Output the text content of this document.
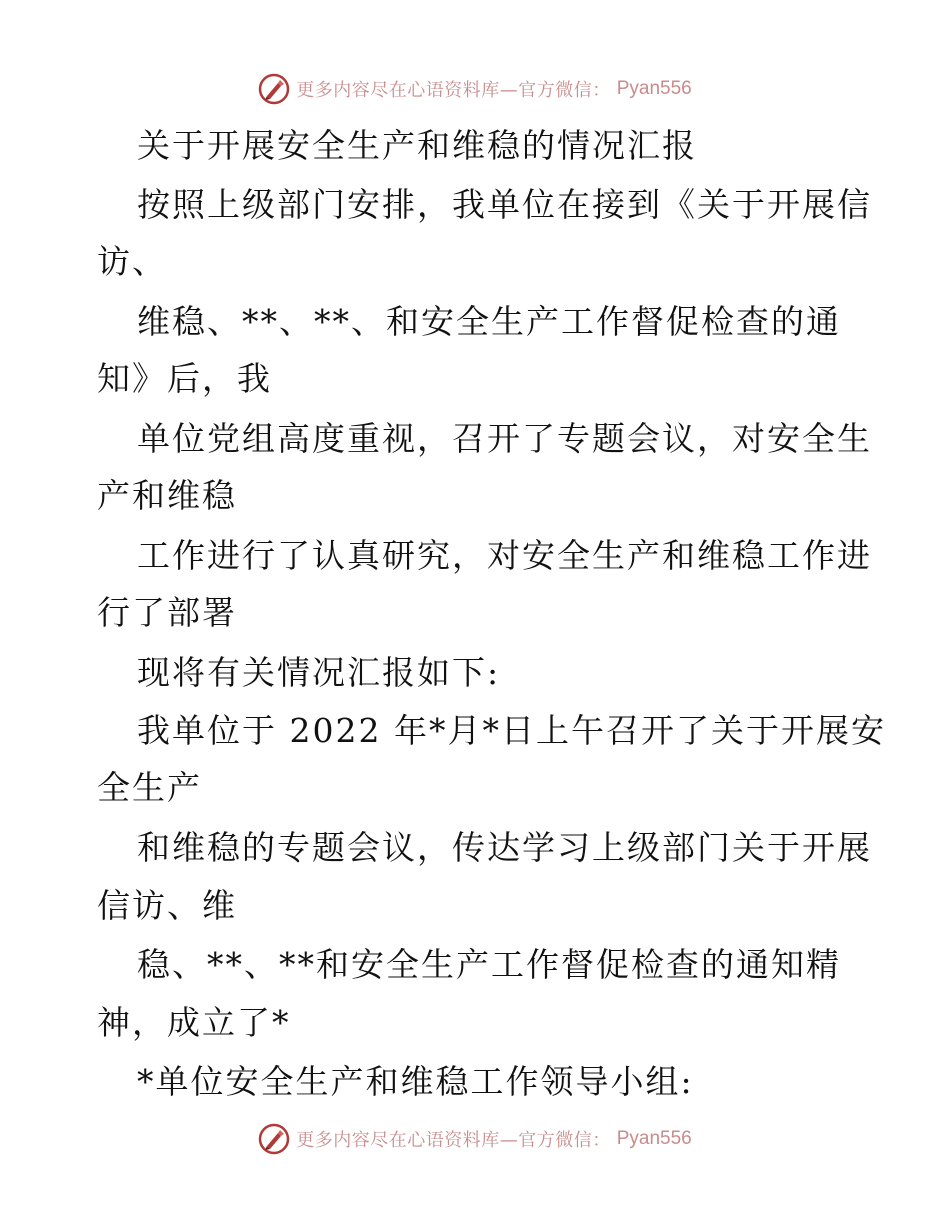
更多内容尽在心语资料库—官方微信： Pyan556
关于开展安全生产和维稳的情况汇报
按照上级部门安排，我单位在接到《关于开展信
访、
维稳、**、**、和安全生产工作督促检查的通
知》后，我
单位党组高度重视，召开了专题会议，对安全生
产和维稳
工作进行了认真研究，对安全生产和维稳工作进
行了部署
现将有关情况汇报如下:
我单位于 2022 年*月*日上午召开了关于开展安
全生产
和维稳的专题会议，传达学习上级部门关于开展
信访、维
稳、**、**和安全生产工作督促检查的通知精
神，成立了*
*单位安全生产和维稳工作领导小组:
更多内容尽在心语资料库—官方微信： Pyan556
